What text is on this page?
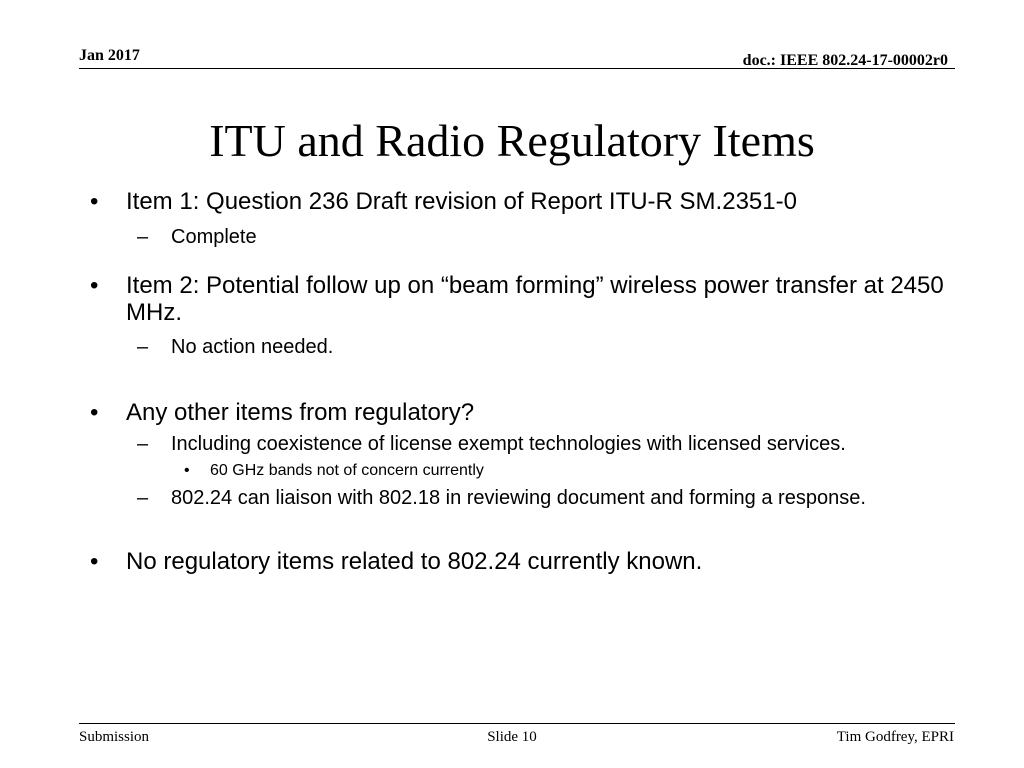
Jan 2017	doc.: IEEE 802.24-17-00002r0
ITU and Radio Regulatory Items
• Item 1: Question 236 Draft revision of Report ITU-R SM.2351-0
– Complete
• Item 2: Potential follow up on “beam forming” wireless power transfer at 2450 MHz.
– No action needed.
• Any other items from regulatory?
– Including coexistence of license exempt technologies with licensed services.
• 60 GHz bands not of concern currently
– 802.24 can liaison with 802.18 in reviewing document and forming a response.
• No regulatory items related to 802.24 currently known.
Submission	Slide 10	Tim Godfrey, EPRI
